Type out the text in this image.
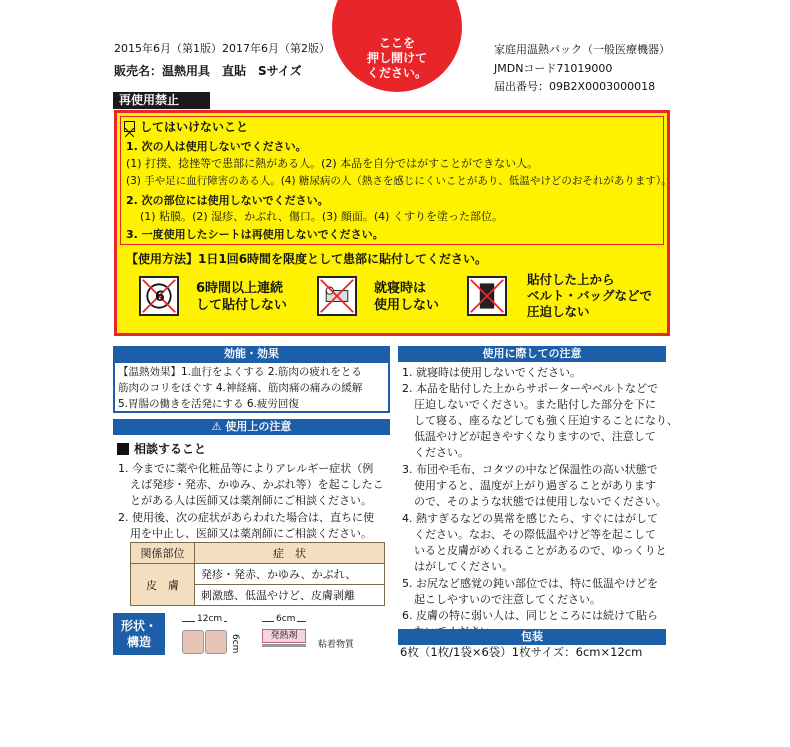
2015年6月（第1版）2017年6月（第2版）
販売名：温熱用具　直貼　Sサイズ
再使用禁止
ここを
押し開けて
ください。
家庭用温熱パック（一般医療機器）
JMDNコード71019000
届出番号：09B2X0003000018
してはいけないこと
1. 次の人は使用しないでください。
(1) 打撲、捻挫等で患部に熱がある人。(2) 本品を自分ではがすことができない人。
(3) 手や足に血行障害のある人。(4) 糖尿病の人（熱さを感じにくいことがあり、低温やけどのおそれがあります）。
2. 次の部位には使用しないでください。
(1) 粘膜。(2) 湿疹、かぶれ、傷口。(3) 顔面。(4) くすりを塗った部位。
3. 一度使用したシートは再使用しないでください。
【使用方法】1日1回6時間を限度として患部に貼付してください。
6
6時間以上連続
して貼付しない
就寝時は
使用しない
貼付した上から
ベルト・バッグなどで
圧迫しない
効能・効果
【温熱効果】1.血行をよくする 2.筋肉の疲れをとる
筋肉のコリをほぐす 4.神経痛、筋肉痛の痛みの緩解
5.胃腸の働きを活発にする 6.疲労回復
⚠ 使用上の注意
相談すること
1. 今までに薬や化粧品等によりアレルギー症状（例
えば発疹・発赤、かゆみ、かぶれ等）を起こしたこ
とがある人は医師又は薬剤師にご相談ください。
2. 使用後、次の症状があらわれた場合は、直ちに使
用を中止し、医師又は薬剤師にご相談ください。
関係部位	症　状
皮　膚	発疹・発赤、かゆみ、かぶれ、
	刺激感、低温やけど、皮膚剥離
形状・
構造
12cm
6cm
6cm
発熱剤
粘着物質
使用に際しての注意
1. 就寝時は使用しないでください。
2. 本品を貼付した上からサポーターやベルトなどで
圧迫しないでください。また貼付した部分を下に
して寝る、座るなどしても強く圧迫することになり、
低温やけどが起きやすくなりますので、注意して
ください。
3. 布団や毛布、コタツの中など保温性の高い状態で
使用すると、温度が上がり過ぎることがあります
ので、そのような状態では使用しないでください。
4. 熱すぎるなどの異常を感じたら、すぐにはがして
ください。なお、その際低温やけど等を起こして
いると皮膚がめくれることがあるので、ゆっくりと
はがしてください。
5. お尻など感覚の鈍い部位では、特に低温やけどを
起こしやすいので注意してください。
6. 皮膚の特に弱い人は、同じところには続けて貼ら
包装
6枚（1枚/1袋×6袋）1枚サイズ：6cm×12cm
